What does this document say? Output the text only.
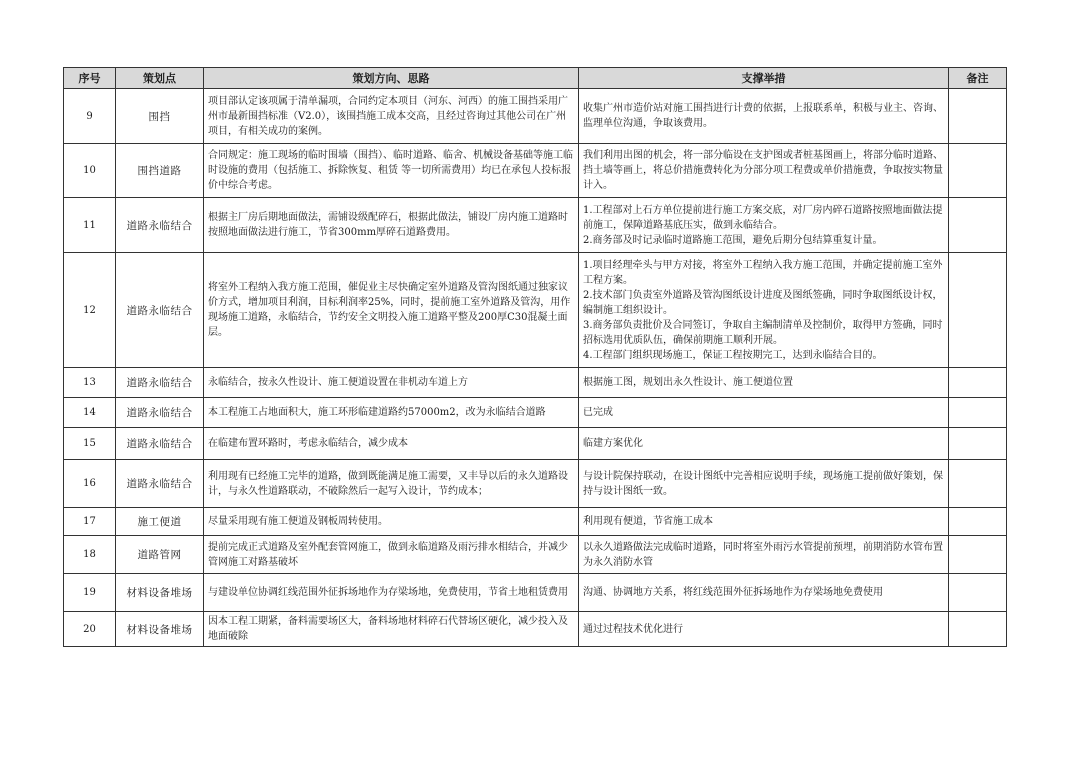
序号	策划点	策划方向、思路	支撑举措	备注
9	围挡	项目部认定该项属于清单漏项，合同约定本项目（河东、河西）的施工围挡采用广州市最新围挡标准（V2.0），该围挡施工成本交高，且经过咨询过其他公司在广州项目，有相关成功的案例。	收集广州市造价站对施工围挡进行计费的依据，上报联系单，积极与业主、咨询、监理单位沟通，争取该费用。	

10	围挡道路	合同规定：施工现场的临时围墙（围挡）、临时道路、临舍、机械设备基础等施工临时设施的费用（包括施工、拆除恢复、租赁 等一切所需费用）均已在承包人投标报价中综合考虑。	我们利用出图的机会，将一部分临设在支护图或者桩基图画上，将部分临时道路、挡土墙等画上，将总价措施费转化为分部分项工程费或单价措施费，争取按实物量计入。	

11	道路永临结合	根据主厂房后期地面做法，需铺设级配碎石，根据此做法，铺设厂房内施工道路时按照地面做法进行施工，节省300mm厚碎石道路费用。	1.工程部对上石方单位提前进行施工方案交底，对厂房内碎石道路按照地面做法提前施工，保障道路基底压实，做到永临结合。

2.商务部及时记录临时道路施工范围，避免后期分包结算重复计量。	

12	道路永临结合	将室外工程纳入我方施工范围，催促业主尽快确定室外道路及管沟图纸通过独家议价方式，增加项目利润，目标利润率25%，同时，提前施工室外道路及管沟，用作现场施工道路，永临结合，节约安全文明投入施工道路平整及200厚C30混凝土面层。	1.项目经理牵头与甲方对接，将室外工程纳入我方施工范围，并确定提前施工室外工程方案。

2.技术部门负责室外道路及管沟图纸设计进度及图纸签确，同时争取图纸设计权，编制施工组织设计。

3.商务部负责批价及合同签订，争取自主编制清单及控制价，取得甲方签确，同时招标选用优质队伍，确保前期施工顺利开展。

4.工程部门组织现场施工，保证工程按期完工，达到永临结合目的。	

13	道路永临结合	永临结合，按永久性设计、施工便道设置在非机动车道上方	根据施工图，规划出永久性设计、施工便道位置	

14	道路永临结合	本工程施工占地面积大，施工环形临建道路约57000m2，改为永临结合道路	已完成	

15	道路永临结合	在临建布置环路时，考虑永临结合，减少成本	临建方案优化	

16	道路永临结合	利用现有已经施工完毕的道路，做到既能满足施工需要，又丰导以后的永久道路设计，与永久性道路联动，不破除然后一起写入设计，节约成本；	与设计院保持联动，在设计图纸中完善相应说明手续，现场施工提前做好策划，保持与设计图纸一致。	

17	施工便道	尽量采用现有施工便道及钢板周转使用。	利用现有便道，节省施工成本	

18	道路管网	提前完成正式道路及室外配套管网施工，做到永临道路及雨污排水相结合，并减少管网施工对路基破坏	以永久道路做法完成临时道路，同时将室外雨污水管提前预埋，前期消防水管布置为永久消防水管	

19	材料设备堆场	与建设单位协调红线范围外征拆场地作为存梁场地，免费使用，节省土地租赁费用	沟通、协调地方关系，将红线范围外征拆场地作为存梁场地免费使用	

20	材料设备堆场	因本工程工期紧，备料需要场区大，备料场地材料碎石代替场区硬化，减少投入及地面破除	通过过程技术优化进行	
